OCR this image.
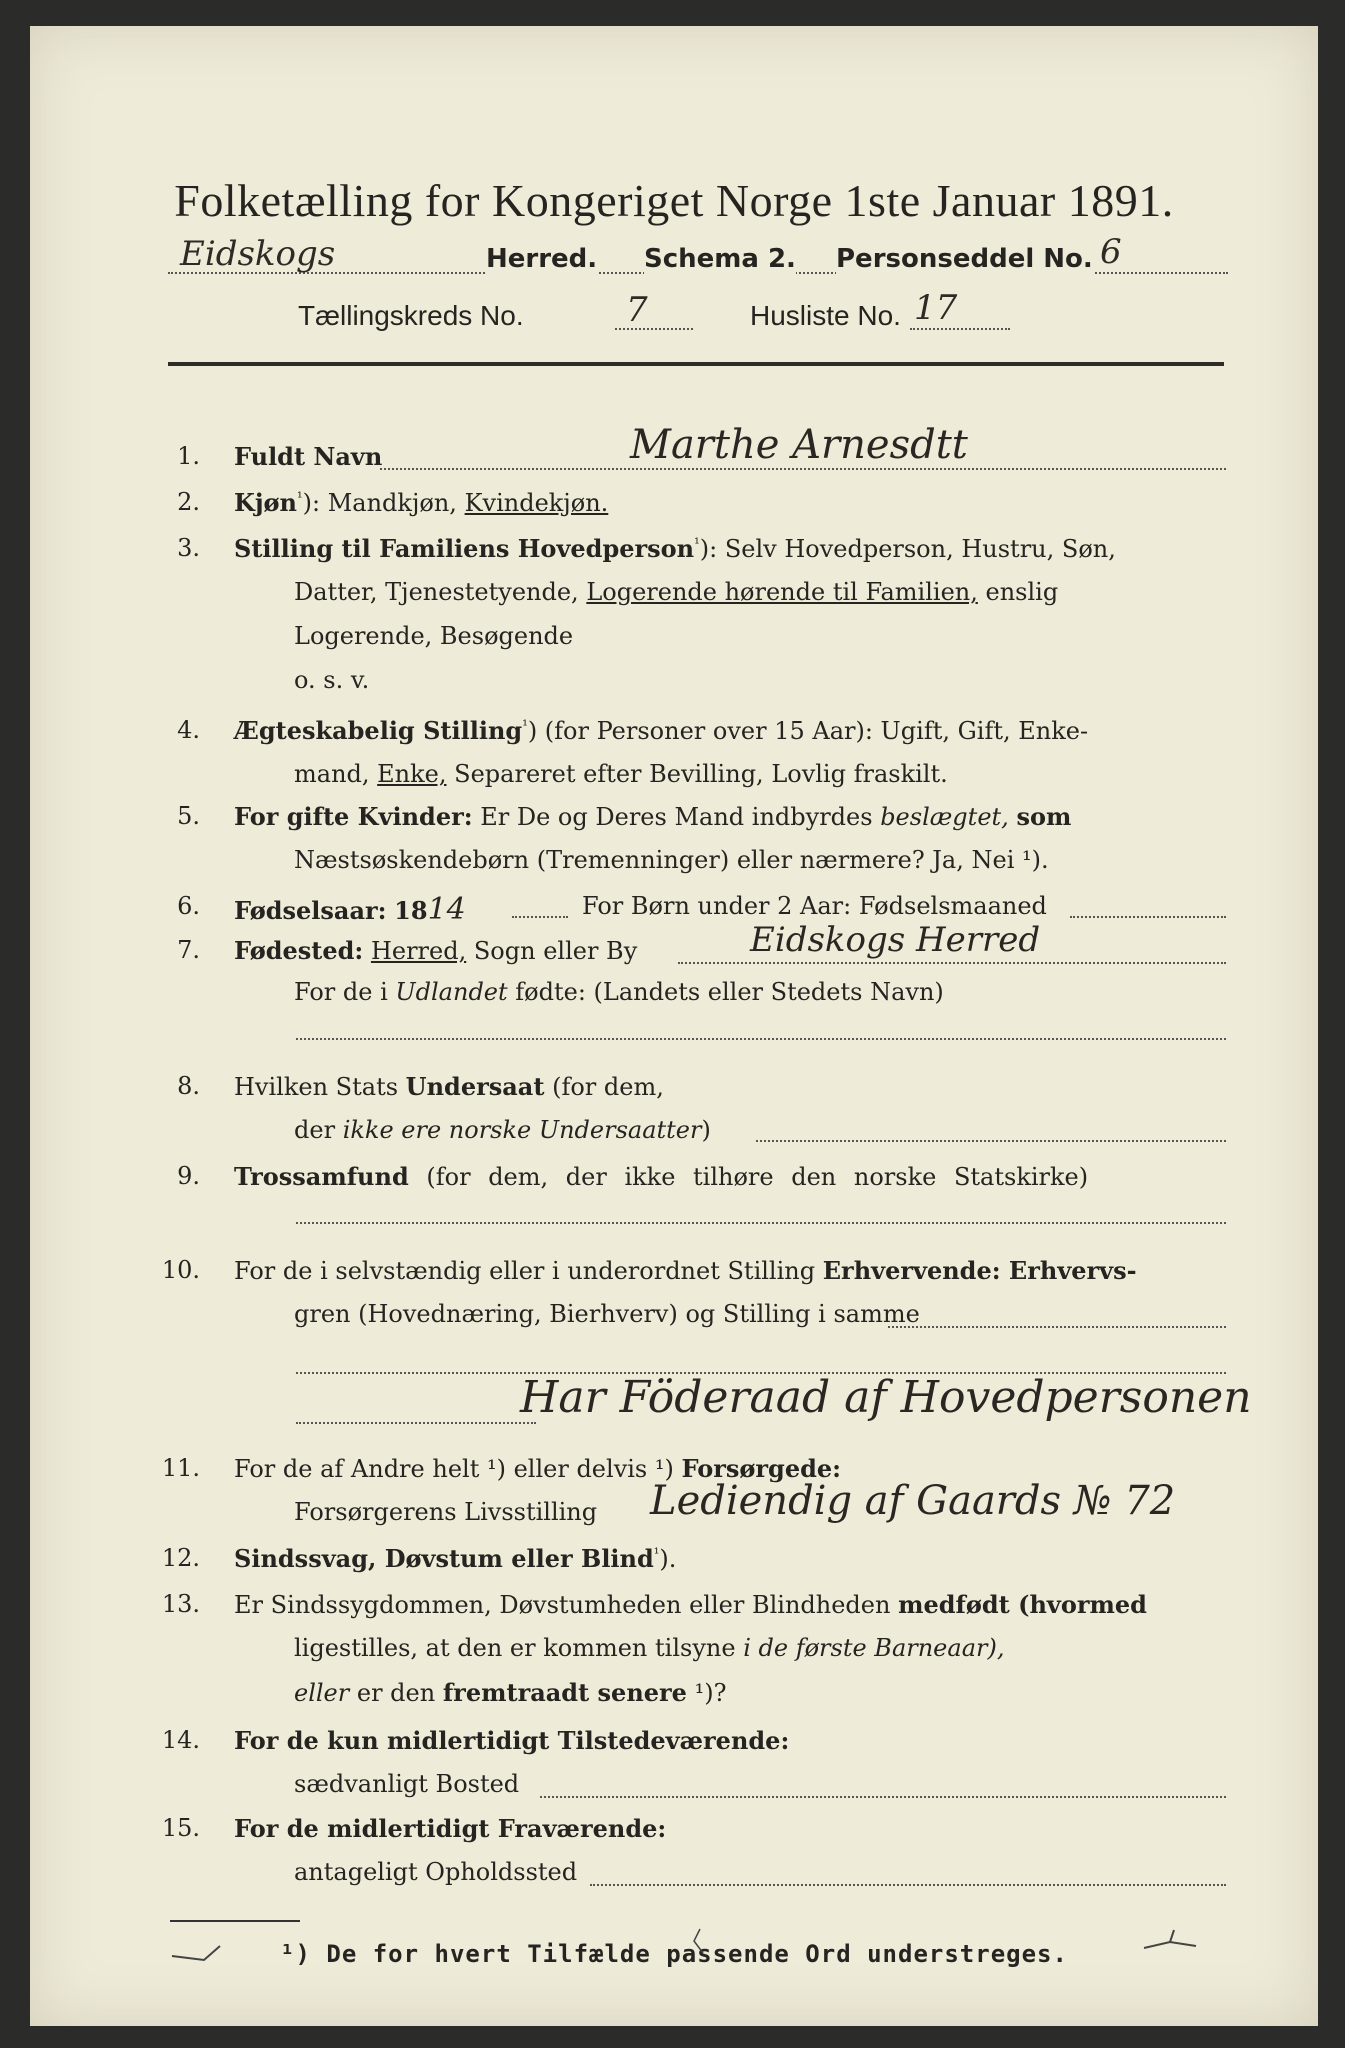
Folketælling for Kongeriget Norge 1ste Januar 1891.
Eidskogs	Herred. Schema 2. Personseddel No. 6
Tællingskreds No.	7	Husliste No. 17
1. Fuldt Navn	Marthe Arnesdtt
2. Kjøn$^{^1}$): Mandkjøn, Kvindekjøn.
3. Stilling til Familiens Hovedperson$^{^1}$): Selv Hovedperson, Hustru, Søn,
Datter, Tjenestetyende, Logerende hørende til Familien, enslig
Logerende, Besøgende
o. s. v.
4. Ægteskabelig Stilling$^{^1}$) (for Personer over 15 Aar): Ugift, Gift, Enke-
mand, Enke, Separeret efter Bevilling, Lovlig fraskilt.
5. For gifte Kvinder: Er De og Deres Mand indbyrdes beslægtet, som
Næstsøskendebørn (Tremenninger) eller nærmere? Ja, Nei ¹).
6. Fødselsaar: 1814	For Børn under 2 Aar: Fødselsmaaned
7. Fødested: Herred, Sogn eller By	Eidskogs Herred
For de i Udlandet fødte: (Landets eller Stedets Navn)
8. Hvilken Stats Undersaat (for dem,
der ikke ere norske Undersaatter)
9. Trossamfund (for dem, der ikke tilhøre den norske Statskirke)
10. For de i selvstændig eller i underordnet Stilling Erhvervende: Erhvervs-
gren (Hovednæring, Bierhverv) og Stilling i samme
Har Föderaad af Hovedpersonen
11. For de af Andre helt ¹) eller delvis ¹) Forsørgede:
Forsørgerens Livsstilling Lediendig af Gaards № 72
12. Sindssvag, Døvstum eller Blind$^{^1}$).
13. Er Sindssygdommen, Døvstumheden eller Blindheden medfødt (hvormed
ligestilles, at den er kommen tilsyne i de første Barneaar),
eller er den fremtraadt senere ¹)?
14. For de kun midlertidigt Tilstedeværende:
sædvanligt Bosted
15. For de midlertidigt Fraværende:
antageligt Opholdssted
¹) De for hvert Tilfælde passende Ord understreges.
